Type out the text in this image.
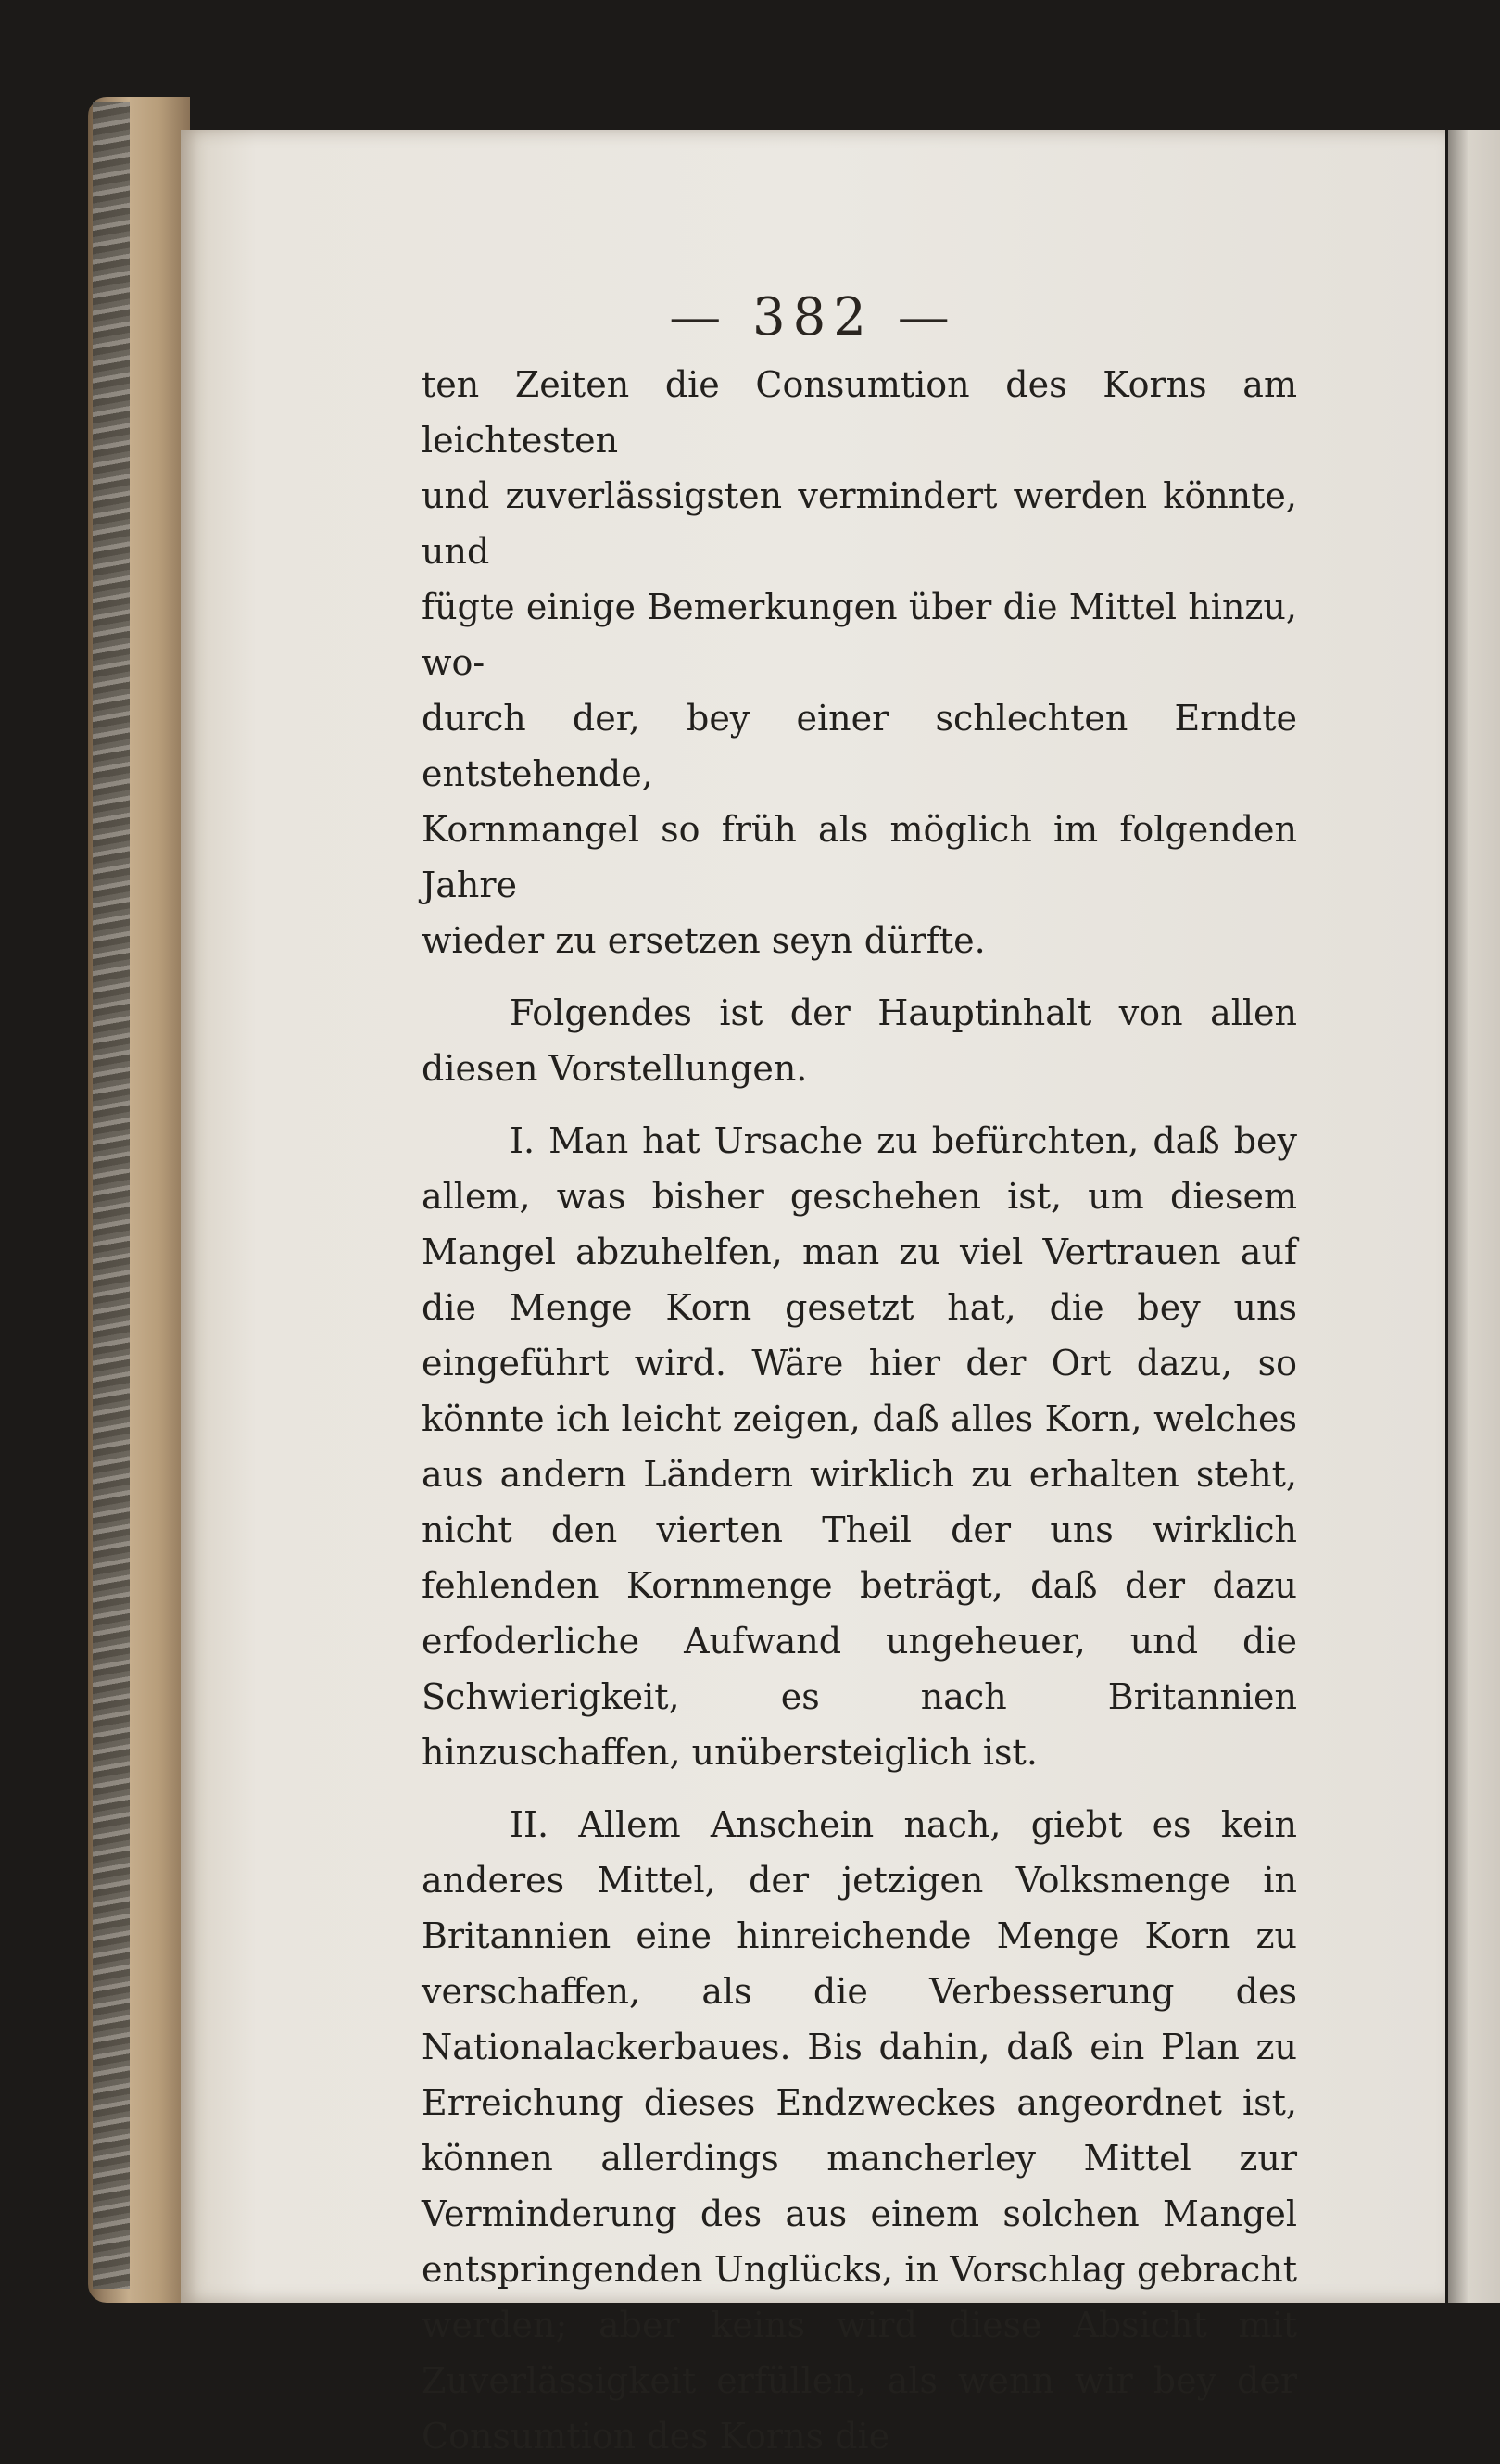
— 382 —

ten Zeiten die Consumtion des Korns am leichtesten

und zuverlässigsten vermindert werden könnte, und

fügte einige Bemerkungen über die Mittel hinzu, wo-

durch der, bey einer schlechten Erndte entstehende,

Kornmangel so früh als möglich im folgenden Jahre

wieder zu ersetzen seyn dürfte.

Folgendes ist der Hauptinhalt von allen diesen Vorstellungen.

I. Man hat Ursache zu befürchten, daß bey allem, was bisher geschehen ist, um diesem Mangel abzuhelfen, man zu viel Vertrauen auf die Menge Korn gesetzt hat, die bey uns eingeführt wird. Wäre hier der Ort dazu, so könnte ich leicht zeigen, daß alles Korn, welches aus andern Ländern wirklich zu erhalten steht, nicht den vierten Theil der uns wirklich fehlenden Kornmenge beträgt, daß der dazu erfoderliche Aufwand ungeheuer, und die Schwierigkeit, es nach Britannien hinzuschaffen, unübersteiglich ist.

II. Allem Anschein nach, giebt es kein anderes Mittel, der jetzigen Volksmenge in Britannien eine hinreichende Menge Korn zu verschaffen, als die Verbesserung des Nationalackerbaues. Bis dahin, daß ein Plan zu Erreichung dieses Endzweckes angeordnet ist, können allerdings mancherley Mittel zur Verminderung des aus einem solchen Mangel entspringenden Unglücks, in Vorschlag gebracht werden; aber keins wird diese Absicht mit Zuverlässigkeit erfüllen, als wenn wir bey der Consumtion des Korns die
